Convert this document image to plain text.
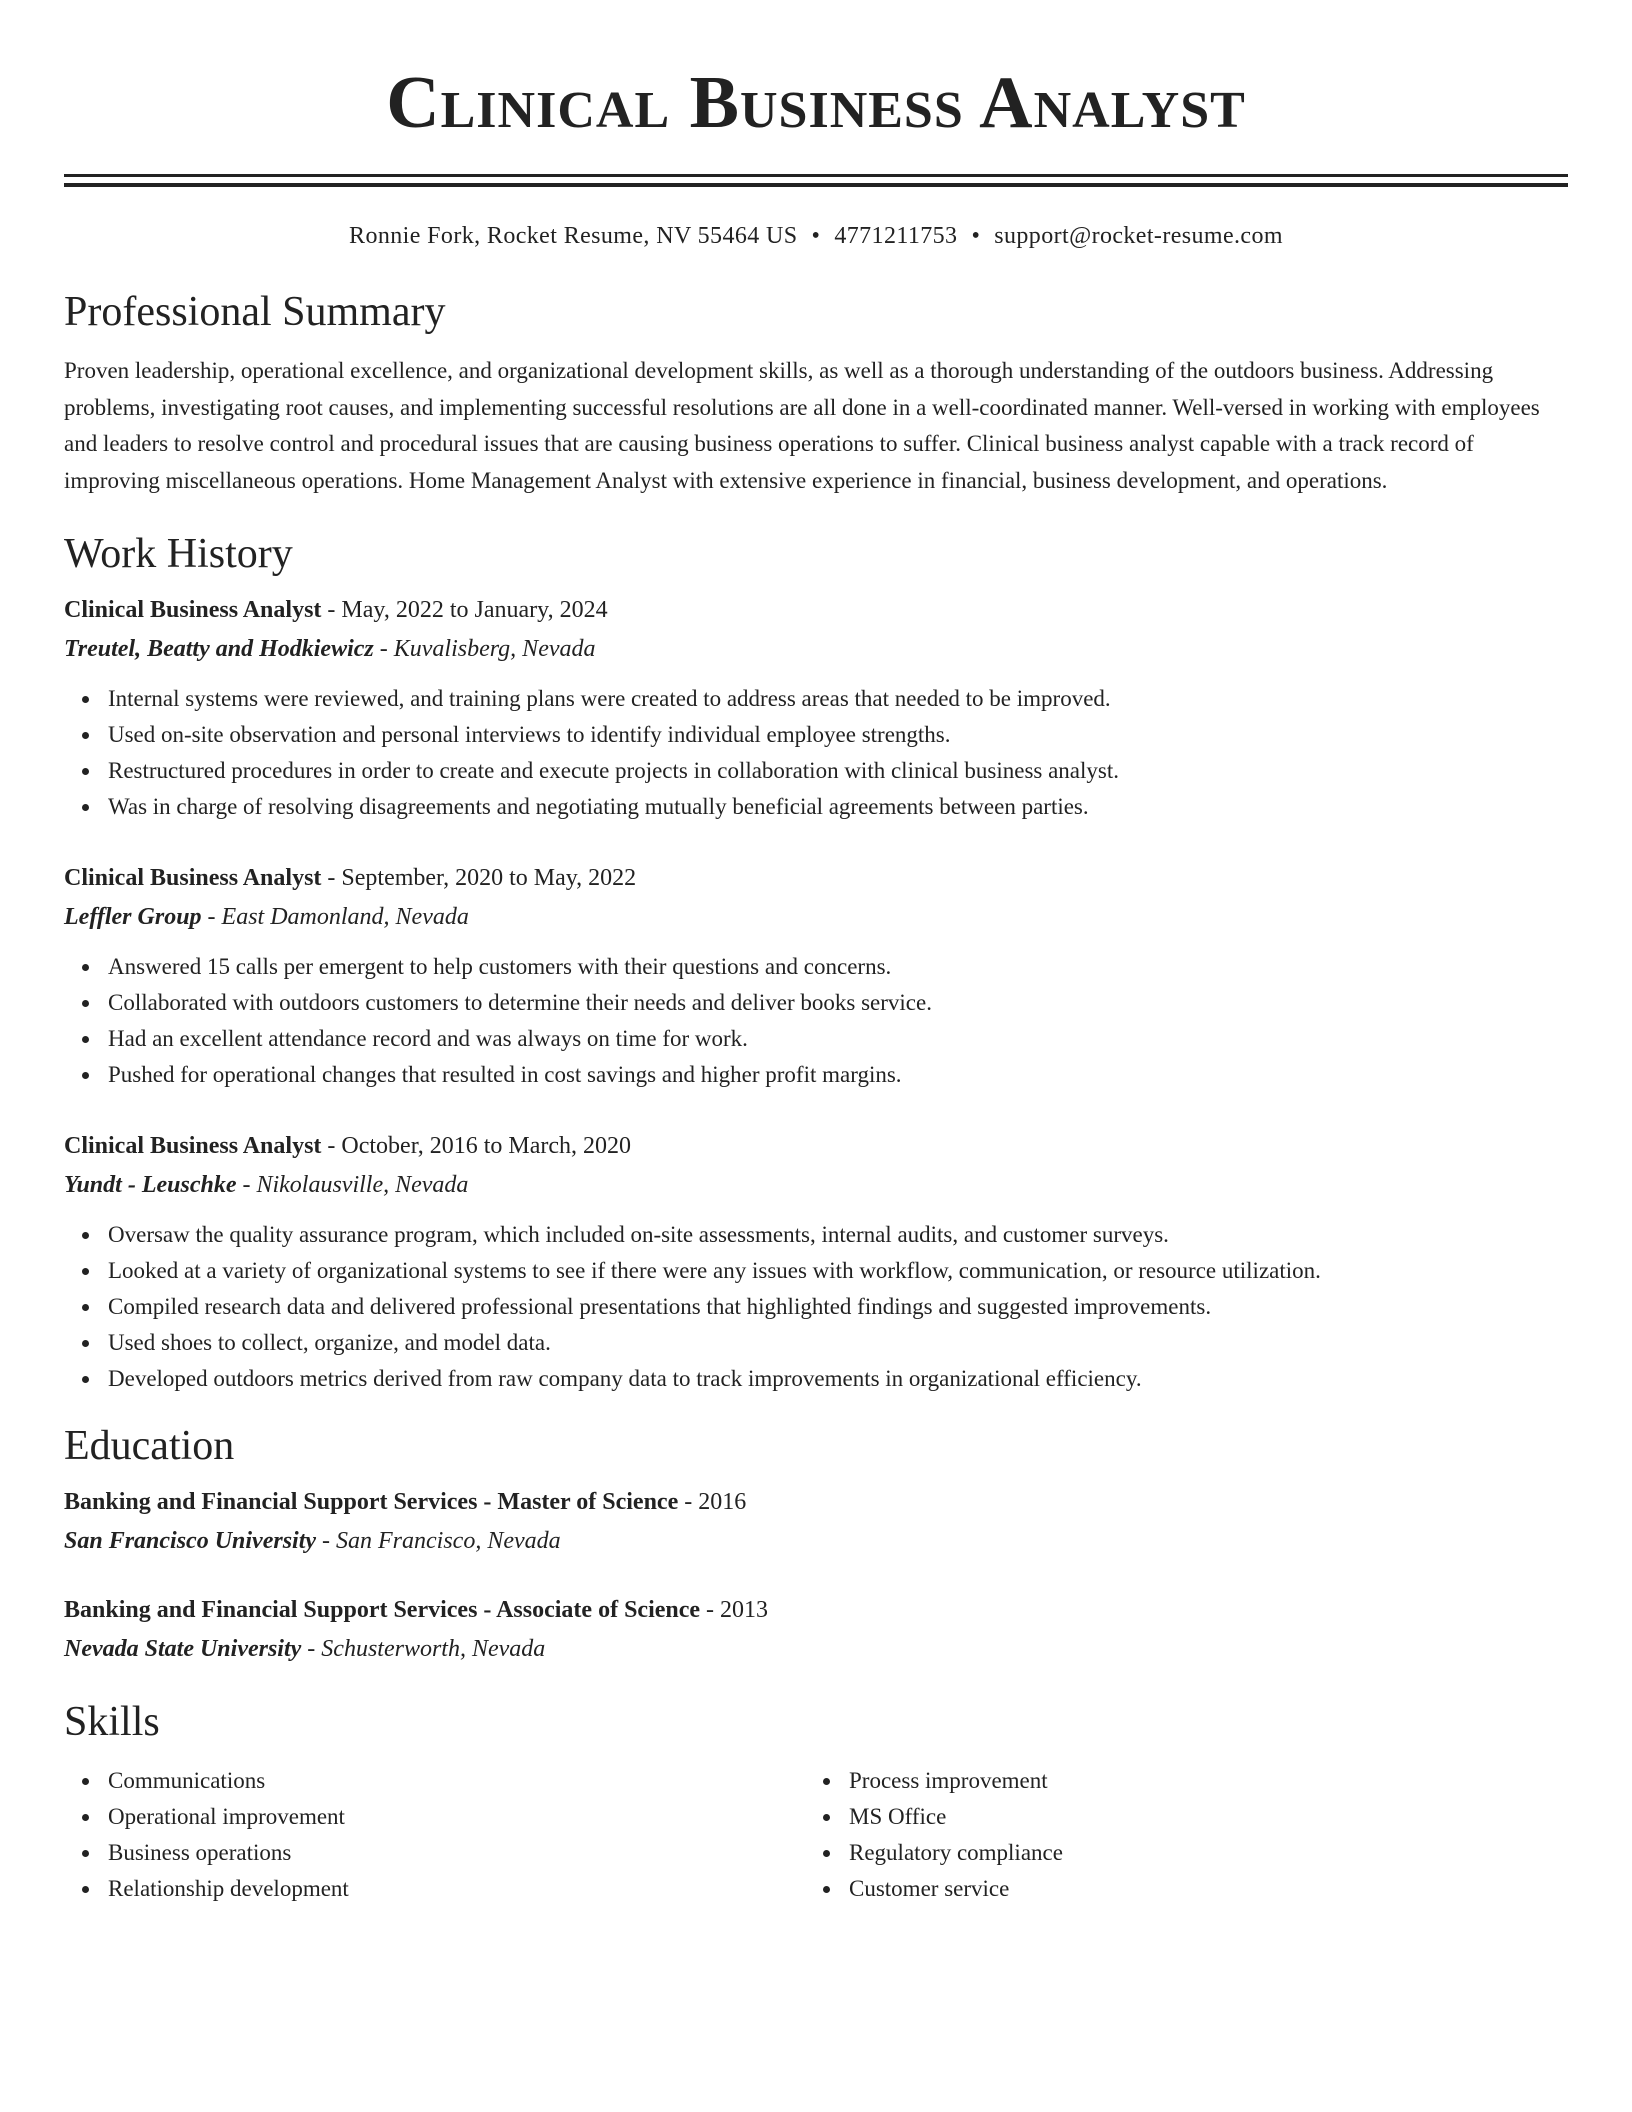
Clinical Business Analyst
Ronnie Fork, Rocket Resume, NV 55464 US • 4771211753 • support@rocket-resume.com
Professional Summary
Proven leadership, operational excellence, and organizational development skills, as well as a thorough understanding of the outdoors business. Addressing problems, investigating root causes, and implementing successful resolutions are all done in a well-coordinated manner. Well-versed in working with employees and leaders to resolve control and procedural issues that are causing business operations to suffer. Clinical business analyst capable with a track record of improving miscellaneous operations. Home Management Analyst with extensive experience in financial, business development, and operations.
Work History
Clinical Business Analyst - May, 2022 to January, 2024
Treutel, Beatty and Hodkiewicz - Kuvalisberg, Nevada
Internal systems were reviewed, and training plans were created to address areas that needed to be improved.
Used on-site observation and personal interviews to identify individual employee strengths.
Restructured procedures in order to create and execute projects in collaboration with clinical business analyst.
Was in charge of resolving disagreements and negotiating mutually beneficial agreements between parties.
Clinical Business Analyst - September, 2020 to May, 2022
Leffler Group - East Damonland, Nevada
Answered 15 calls per emergent to help customers with their questions and concerns.
Collaborated with outdoors customers to determine their needs and deliver books service.
Had an excellent attendance record and was always on time for work.
Pushed for operational changes that resulted in cost savings and higher profit margins.
Clinical Business Analyst - October, 2016 to March, 2020
Yundt - Leuschke - Nikolausville, Nevada
Oversaw the quality assurance program, which included on-site assessments, internal audits, and customer surveys.
Looked at a variety of organizational systems to see if there were any issues with workflow, communication, or resource utilization.
Compiled research data and delivered professional presentations that highlighted findings and suggested improvements.
Used shoes to collect, organize, and model data.
Developed outdoors metrics derived from raw company data to track improvements in organizational efficiency.
Education
Banking and Financial Support Services - Master of Science - 2016
San Francisco University - San Francisco, Nevada
Banking and Financial Support Services - Associate of Science - 2013
Nevada State University - Schusterworth, Nevada
Skills
Communications
Operational improvement
Business operations
Relationship development
Process improvement
MS Office
Regulatory compliance
Customer service
